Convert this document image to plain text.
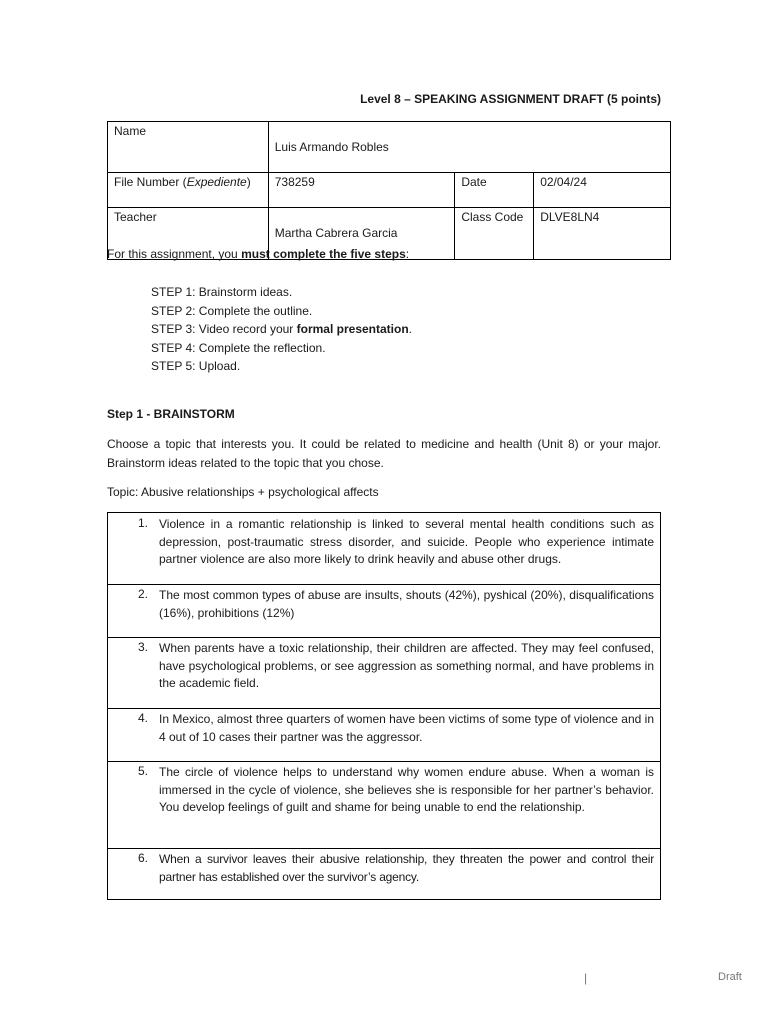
Level 8 – SPEAKING ASSIGNMENT DRAFT (5 points)
Name	Luis Armando Robles		
File Number (Expediente)	738259	Date	02/04/24
Teacher	Martha Cabrera Garcia	Class Code	DLVE8LN4
For this assignment, you must complete the five steps:
STEP 1: Brainstorm ideas.
STEP 2: Complete the outline.
STEP 3: Video record your formal presentation.
STEP 4: Complete the reflection.
STEP 5: Upload.
Step 1 - BRAINSTORM
Choose a topic that interests you. It could be related to medicine and health (Unit 8) or your major. Brainstorm ideas related to the topic that you chose.
Topic: Abusive relationships + psychological affects
1. Violence in a romantic relationship is linked to several mental health conditions such as depression, post-traumatic stress disorder, and suicide. People who experience intimate partner violence are also more likely to drink heavily and abuse other drugs.
2. The most common types of abuse are insults, shouts (42%), pyshical (20%), disqualifications (16%), prohibitions (12%)
3. When parents have a toxic relationship, their children are affected. They may feel confused, have psychological problems, or see aggression as something normal, and have problems in the academic field.
4. In Mexico, almost three quarters of women have been victims of some type of violence and in 4 out of 10 cases their partner was the aggressor.
5. The circle of violence helps to understand why women endure abuse. When a woman is immersed in the cycle of violence, she believes she is responsible for her partner’s behavior. You develop feelings of guilt and shame for being unable to end the relationship.
6. When a survivor leaves their abusive relationship, they threaten the power and control their partner has established over the survivor’s agency.
|	Draft
